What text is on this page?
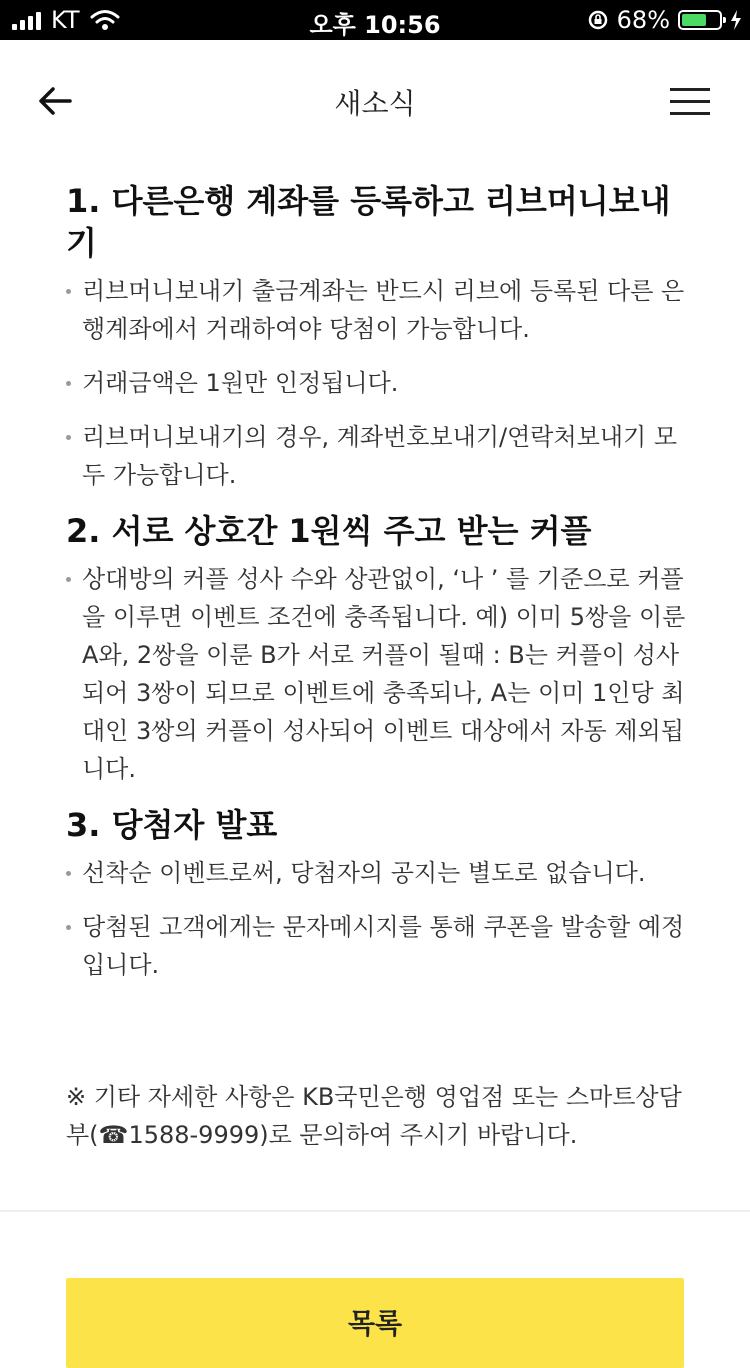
KT	오후 10:56	68%
새소식
1. 다른은행 계좌를 등록하고 리브머니보내기
리브머니보내기 출금계좌는 반드시 리브에 등록된 다른 은행계좌에서 거래하여야 당첨이 가능합니다.
거래금액은 1원만 인정됩니다.
리브머니보내기의 경우, 계좌번호보내기/연락처보내기 모두 가능합니다.
2. 서로 상호간 1원씩 주고 받는 커플
상대방의 커플 성사 수와 상관없이, ‘나 ’ 를 기준으로 커플을 이루면 이벤트 조건에 충족됩니다. 예) 이미 5쌍을 이룬 A와, 2쌍을 이룬 B가 서로 커플이 될때 : B는 커플이 성사되어 3쌍이 되므로 이벤트에 충족되나, A는 이미 1인당 최대인 3쌍의 커플이 성사되어 이벤트 대상에서 자동 제외됩니다.
3. 당첨자 발표
선착순 이벤트로써, 당첨자의 공지는 별도로 없습니다.
당첨된 고객에게는 문자메시지를 통해 쿠폰을 발송할 예정입니다.
※ 기타 자세한 사항은 KB국민은행 영업점 또는 스마트상담부(☎1588-9999)로 문의하여 주시기 바랍니다.
목록
